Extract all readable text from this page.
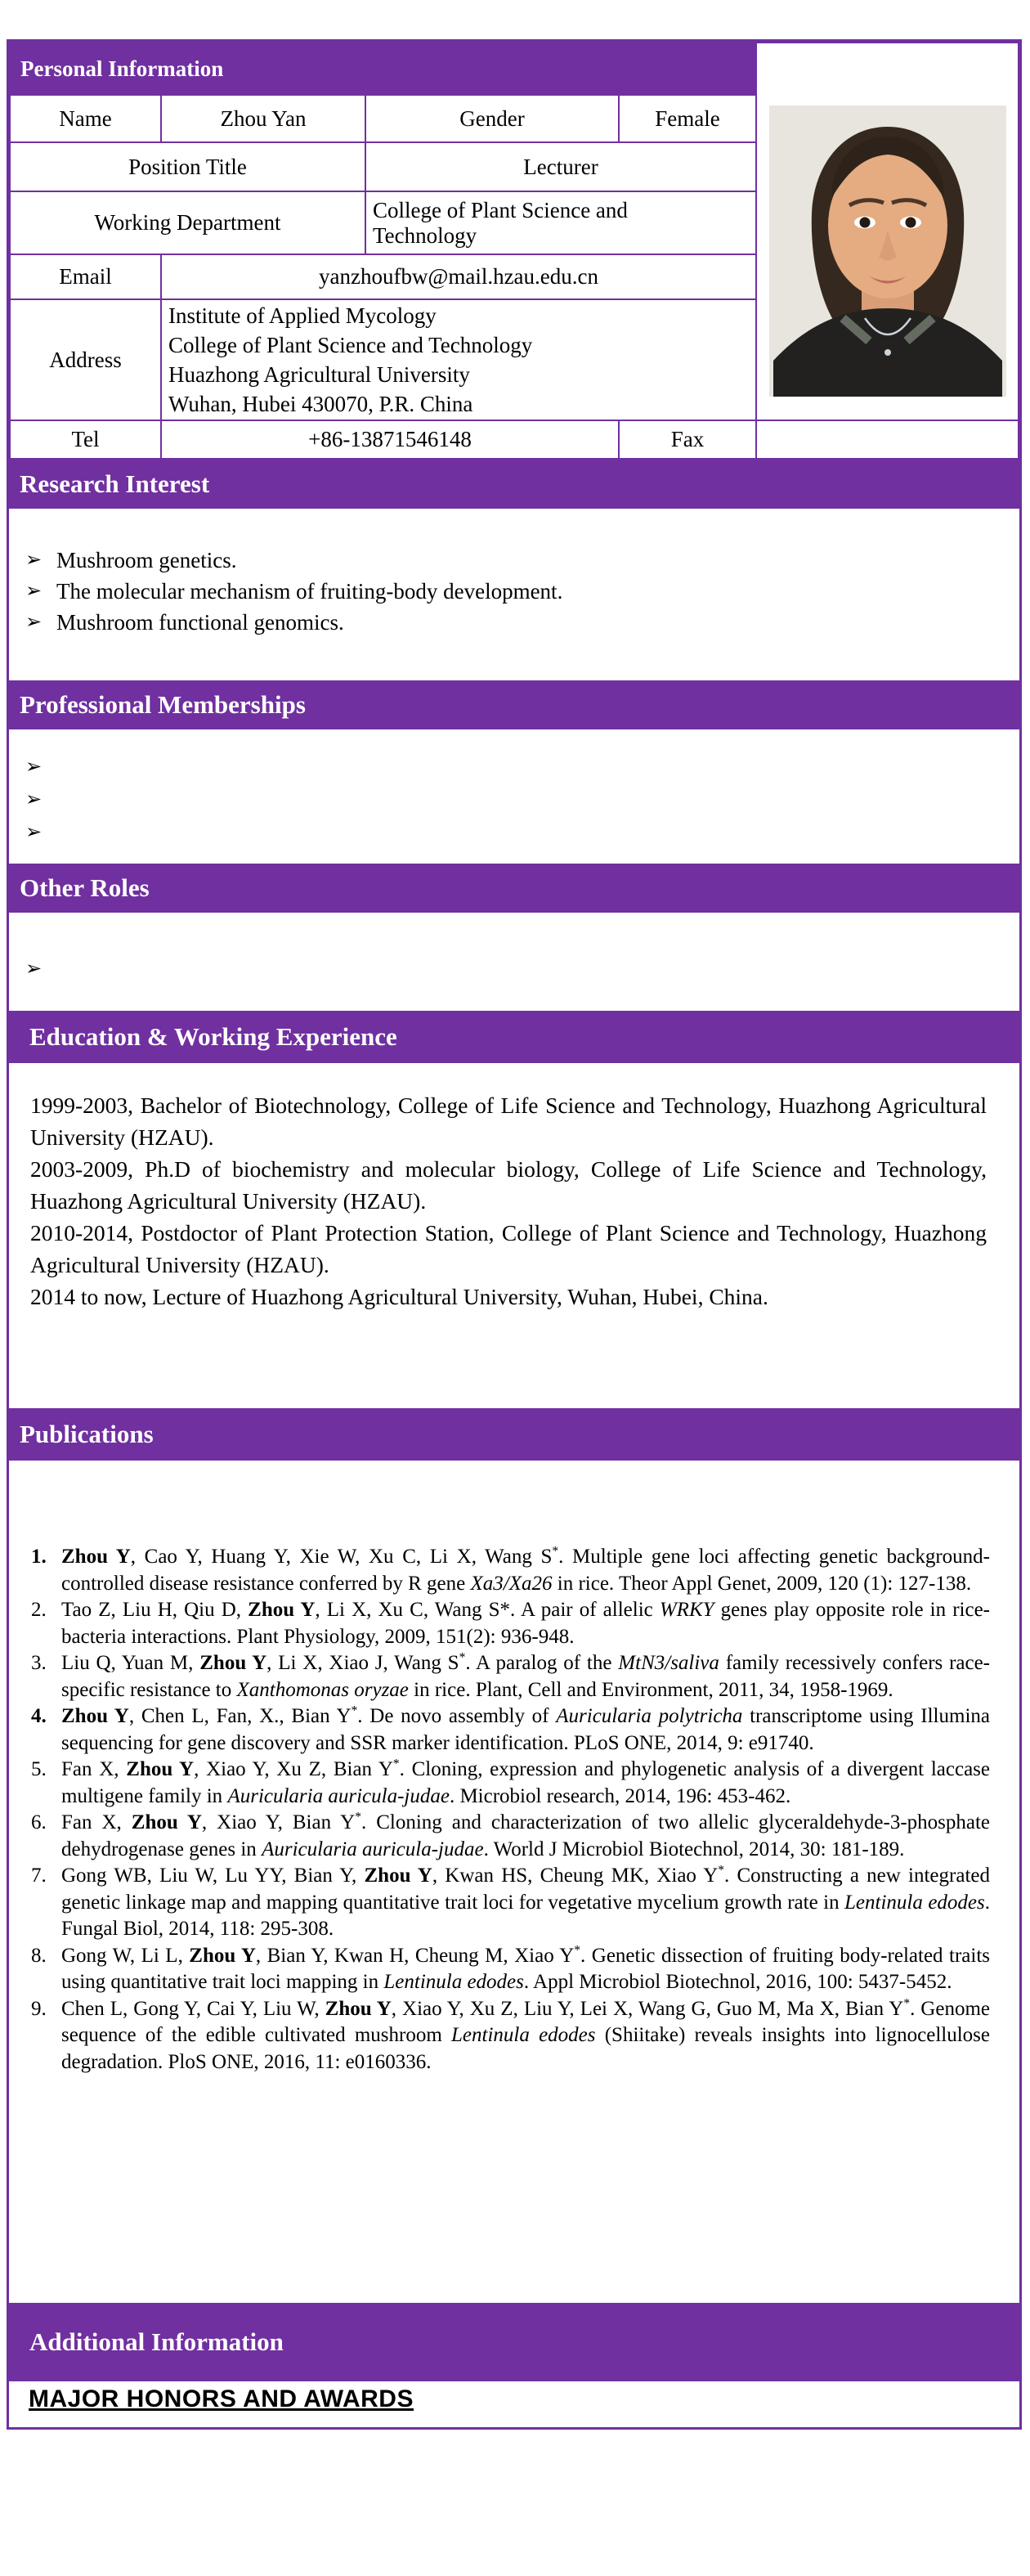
Personal Information	
Name	Zhou Yan	Gender	Female	
Position Title		Lecturer		
Working Department		College of Plant Science and Technology		
Email	yanzhoufbw@mail.hzau.edu.cn			
Address	Institute of Applied Mycology
College of Plant Science and Technology
Huazhong Agricultural University
Wuhan, Hubei 430070, P.R. China			

Tel	+86-13871546148		Fax	
Research Interest
➢ Mushroom genetics.
➢ The molecular mechanism of fruiting-body development.
➢ Mushroom functional genomics.
Professional Memberships
➢
➢
➢
Other Roles
➢
Education & Working Experience

1999-2003, Bachelor of Biotechnology, College of Life Science and Technology, Huazhong Agricultural University (HZAU).

2003-2009, Ph.D of biochemistry and molecular biology, College of Life Science and Technology, Huazhong Agricultural University (HZAU).

2010-2014, Postdoctor of Plant Protection Station, College of Plant Science and Technology, Huazhong Agricultural University (HZAU).

2014 to now, Lecture of Huazhong Agricultural University, Wuhan, Hubei, China.

Publications
1. Zhou Y, Cao Y, Huang Y, Xie W, Xu C, Li X, Wang S*. Multiple gene loci affecting genetic background-controlled disease resistance conferred by R gene Xa3/Xa26 in rice. Theor Appl Genet, 2009, 120 (1): 127-138.
2. Tao Z, Liu H, Qiu D, Zhou Y, Li X, Xu C, Wang S*. A pair of allelic WRKY genes play opposite role in rice-bacteria interactions. Plant Physiology, 2009, 151(2): 936-948.
3. Liu Q, Yuan M, Zhou Y, Li X, Xiao J, Wang S*. A paralog of the MtN3/saliva family recessively confers race-specific resistance to Xanthomonas oryzae in rice. Plant, Cell and Environment, 2011, 34, 1958-1969.
4. Zhou Y, Chen L, Fan, X., Bian Y*. De novo assembly of Auricularia polytricha transcriptome using Illumina sequencing for gene discovery and SSR marker identification. PLoS ONE, 2014, 9: e91740.
5. Fan X, Zhou Y, Xiao Y, Xu Z, Bian Y*. Cloning, expression and phylogenetic analysis of a divergent laccase multigene family in Auricularia auricula-judae. Microbiol research, 2014, 196: 453-462.
6. Fan X, Zhou Y, Xiao Y, Bian Y*. Cloning and characterization of two allelic glyceraldehyde-3-phosphate dehydrogenase genes in Auricularia auricula-judae. World J Microbiol Biotechnol, 2014, 30: 181-189.
7. Gong WB, Liu W, Lu YY, Bian Y, Zhou Y, Kwan HS, Cheung MK, Xiao Y*. Constructing a new integrated genetic linkage map and mapping quantitative trait loci for vegetative mycelium growth rate in Lentinula edodes. Fungal Biol, 2014, 118: 295-308.
8. Gong W, Li L, Zhou Y, Bian Y, Kwan H, Cheung M, Xiao Y*. Genetic dissection of fruiting body-related traits using quantitative trait loci mapping in Lentinula edodes. Appl Microbiol Biotechnol, 2016, 100: 5437-5452.
9. Chen L, Gong Y, Cai Y, Liu W, Zhou Y, Xiao Y, Xu Z, Liu Y, Lei X, Wang G, Guo M, Ma X, Bian Y*. Genome sequence of the edible cultivated mushroom Lentinula edodes (Shiitake) reveals insights into lignocellulose degradation. PloS ONE, 2016, 11: e0160336.
Additional Information
MAJOR HONORS AND AWARDS
